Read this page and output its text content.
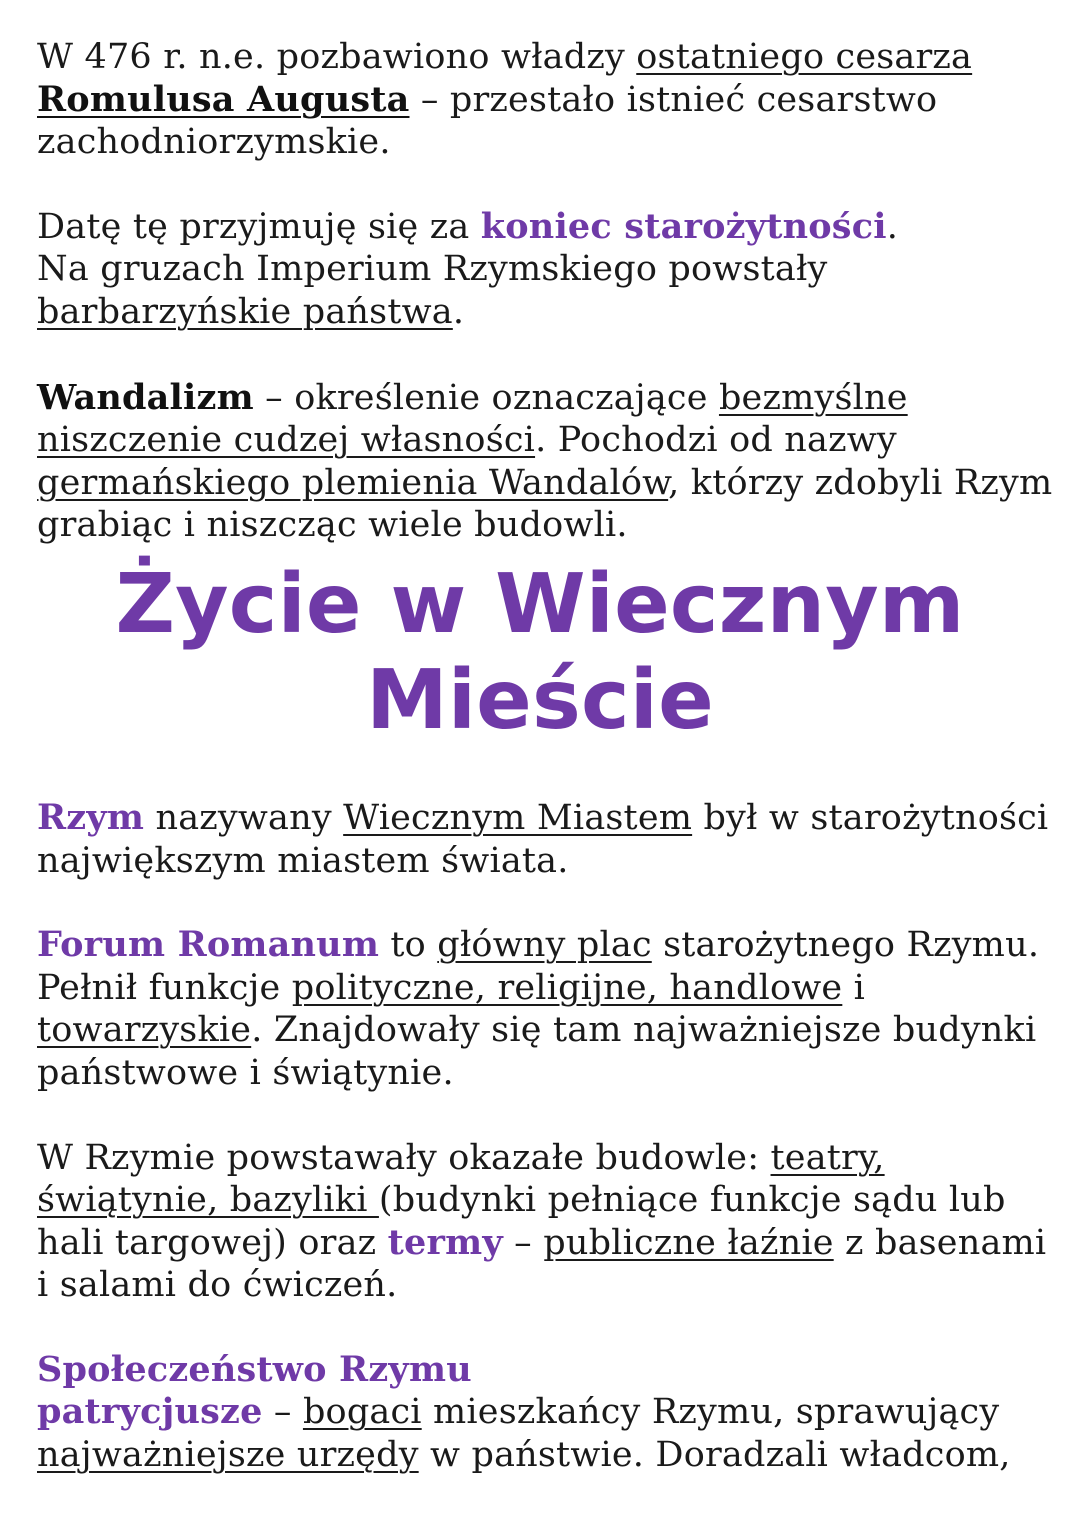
W 476 r. n.e. pozbawiono władzy ostatniego cesarza
Romulusa Augusta – przestało istnieć cesarstwo zachodniorzymskie.

Datę tę przyjmuję się za koniec starożytności.
Na gruzach Imperium Rzymskiego powstały
barbarzyńskie państwa.

Wandalizm – określenie oznaczające bezmyślne niszczenie cudzej własności. Pochodzi od nazwy germańskiego plemienia Wandalów, którzy zdobyli Rzym grabiąc i niszcząc wiele budowli.

Życie w Wiecznym
Mieście

Rzym nazywany Wiecznym Miastem był w starożytności największym miastem świata.

Forum Romanum to główny plac starożytnego Rzymu. Pełnił funkcje polityczne, religijne, handlowe i towarzyskie. Znajdowały się tam najważniejsze budynki państwowe i świątynie.

W Rzymie powstawały okazałe budowle: teatry, świątynie, bazyliki (budynki pełniące funkcje sądu lub hali targowej) oraz termy – publiczne łaźnie z basenami i salami do ćwiczeń.

Społeczeństwo Rzymu
patrycjusze – bogaci mieszkańcy Rzymu, sprawujący najważniejsze urzędy w państwie. Doradzali władcom,
